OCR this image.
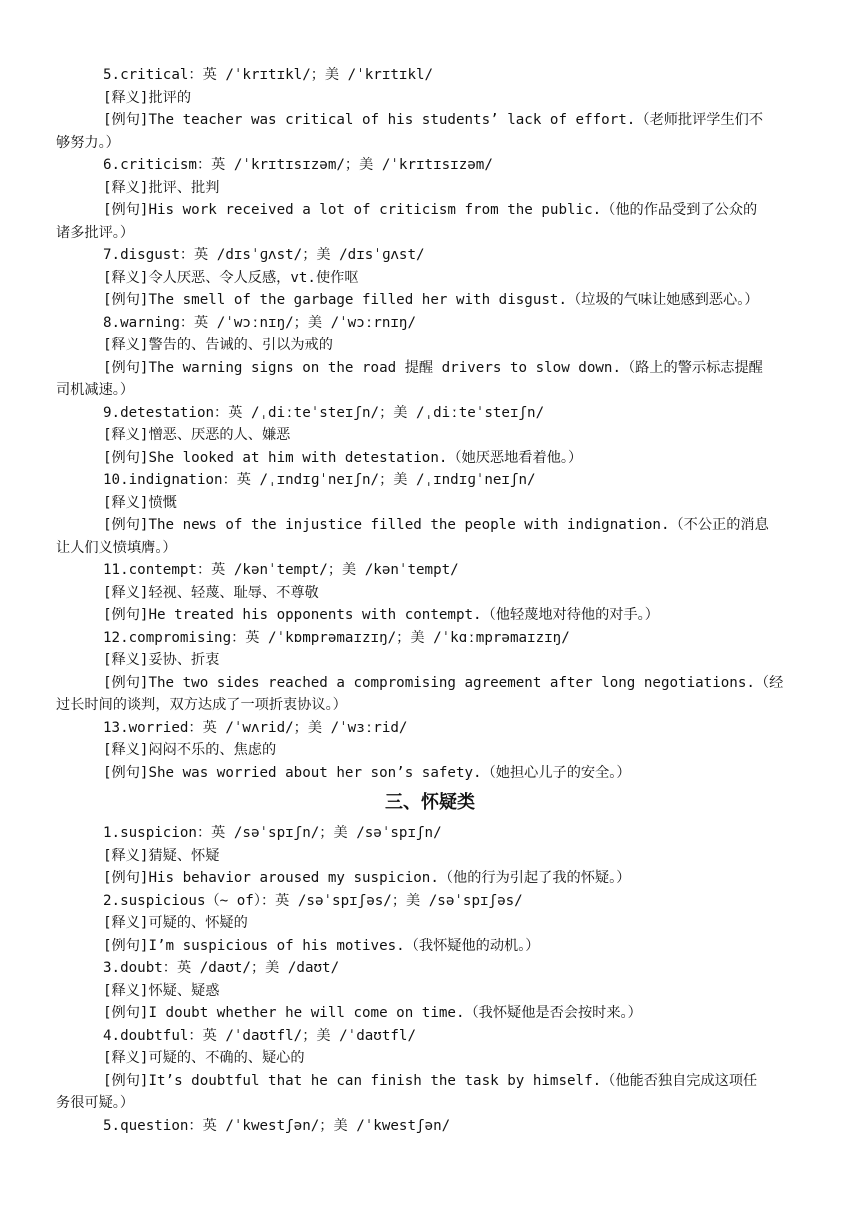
5.critical：英 /ˈkrɪtɪkl/；美 /ˈkrɪtɪkl/
[释义]批评的
[例句]The teacher was critical of his students’ lack of effort.（老师批评学生们不
够努力。）
6.criticism：英 /ˈkrɪtɪsɪzəm/；美 /ˈkrɪtɪsɪzəm/
[释义]批评、批判
[例句]His work received a lot of criticism from the public.（他的作品受到了公众的
诸多批评。）
7.disgust：英 /dɪsˈɡʌst/；美 /dɪsˈɡʌst/
[释义]令人厌恶、令人反感，vt.使作呕
[例句]The smell of the garbage filled her with disgust.（垃圾的气味让她感到恶心。）
8.warning：英 /ˈwɔːnɪŋ/；美 /ˈwɔːrnɪŋ/
[释义]警告的、告诫的、引以为戒的
[例句]The warning signs on the road 提醒 drivers to slow down.（路上的警示标志提醒
司机减速。）
9.detestation：英 /ˌdiːteˈsteɪʃn/；美 /ˌdiːteˈsteɪʃn/
[释义]憎恶、厌恶的人、嫌恶
[例句]She looked at him with detestation.（她厌恶地看着他。）
10.indignation：英 /ˌɪndɪɡˈneɪʃn/；美 /ˌɪndɪɡˈneɪʃn/
[释义]愤慨
[例句]The news of the injustice filled the people with indignation.（不公正的消息
让人们义愤填膺。）
11.contempt：英 /kənˈtempt/；美 /kənˈtempt/
[释义]轻视、轻蔑、耻辱、不尊敬
[例句]He treated his opponents with contempt.（他轻蔑地对待他的对手。）
12.compromising：英 /ˈkɒmprəmaɪzɪŋ/；美 /ˈkɑːmprəmaɪzɪŋ/
[释义]妥协、折衷
[例句]The two sides reached a compromising agreement after long negotiations.（经
过长时间的谈判，双方达成了一项折衷协议。）
13.worried：英 /ˈwʌrid/；美 /ˈwɜːrid/
[释义]闷闷不乐的、焦虑的
[例句]She was worried about her son’s safety.（她担心儿子的安全。）
三、怀疑类
1.suspicion：英 /səˈspɪʃn/；美 /səˈspɪʃn/
[释义]猜疑、怀疑
[例句]His behavior aroused my suspicion.（他的行为引起了我的怀疑。）
2.suspicious（~ of）：英 /səˈspɪʃəs/；美 /səˈspɪʃəs/
[释义]可疑的、怀疑的
[例句]I’m suspicious of his motives.（我怀疑他的动机。）
3.doubt：英 /daʊt/；美 /daʊt/
[释义]怀疑、疑惑
[例句]I doubt whether he will come on time.（我怀疑他是否会按时来。）
4.doubtful：英 /ˈdaʊtfl/；美 /ˈdaʊtfl/
[释义]可疑的、不确的、疑心的
[例句]It’s doubtful that he can finish the task by himself.（他能否独自完成这项任
务很可疑。）
5.question：英 /ˈkwestʃən/；美 /ˈkwestʃən/
